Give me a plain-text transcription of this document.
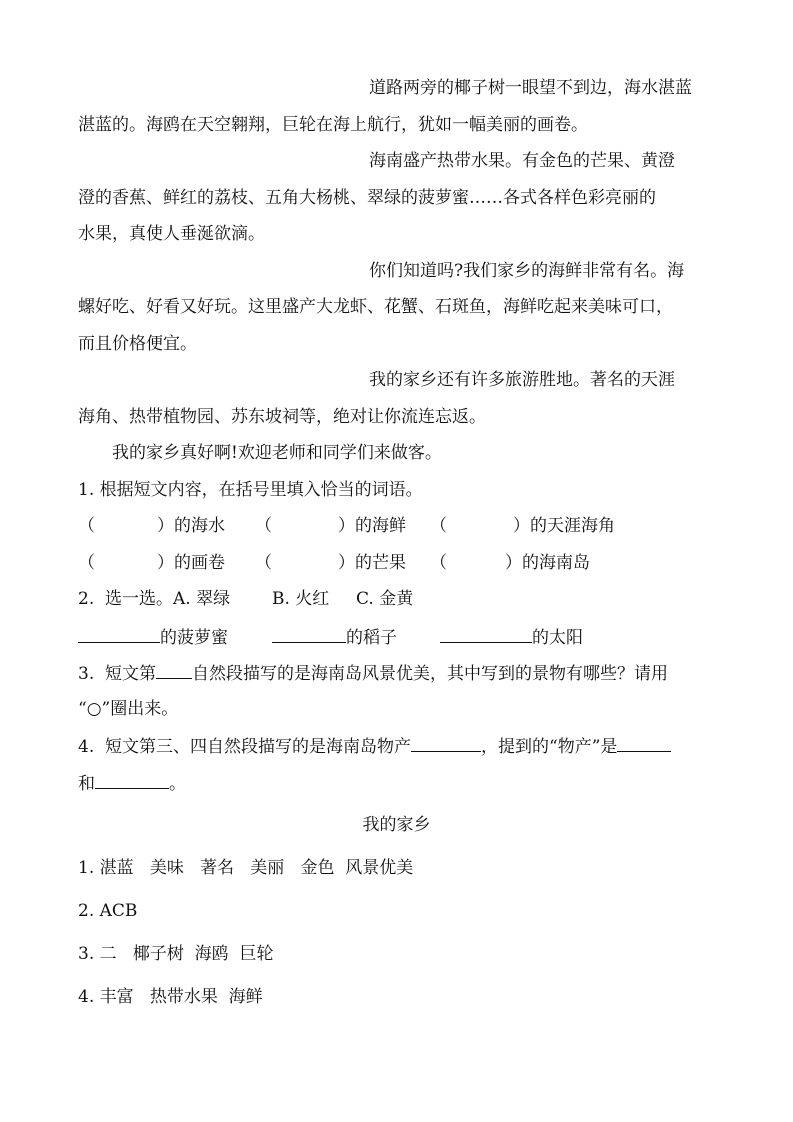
道路两旁的椰子树一眼望不到边，海水湛蓝
湛蓝的。海鸥在天空翱翔，巨轮在海上航行，犹如一幅美丽的画卷。
海南盛产热带水果。有金色的芒果、黄澄
澄的香蕉、鲜红的荔枝、五角大杨桃、翠绿的菠萝蜜……各式各样色彩亮丽的
水果，真使人垂涎欲滴。
你们知道吗?我们家乡的海鲜非常有名。海
螺好吃、好看又好玩。这里盛产大龙虾、花蟹、石斑鱼，海鲜吃起来美味可口，
而且价格便宜。
我的家乡还有许多旅游胜地。著名的天涯
海角、热带植物园、苏东坡祠等，绝对让你流连忘返。
我的家乡真好啊!欢迎老师和同学们来做客。
1. 根据短文内容，在括号里填入恰当的词语。
（	）的海水 （	）的海鲜 （	）的天涯海角
（	）的画卷 （	）的芒果 （	）的海南岛
2.  选一选。A. 翠绿 B. 火红 C. 金黄
的菠萝蜜	的稻子	的太阳
3.  短文第 自然段描写的是海南岛风景优美，其中写到的景物有哪些？请用
“○”圈出来。
4.  短文第三、四自然段描写的是海南岛物产	，提到的“物产”是
和	。
我的家乡
1. 湛蓝   美味   著名   美丽   金色  风景优美
2. ACB
3. 二   椰子树  海鸥  巨轮
4. 丰富   热带水果  海鲜
